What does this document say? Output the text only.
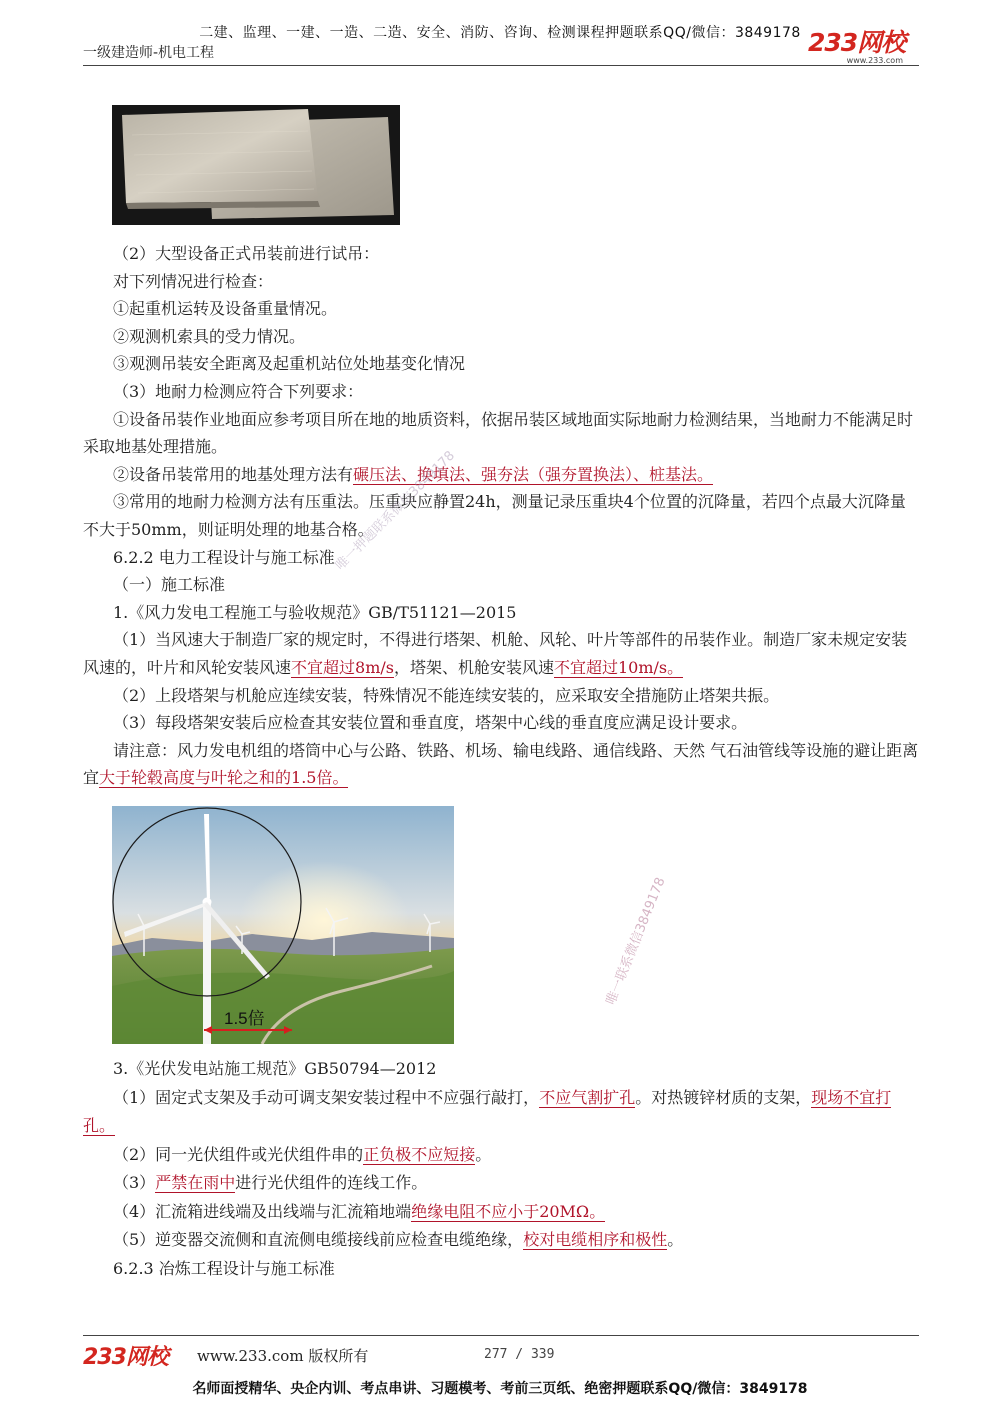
二建、监理、一建、一造、二造、安全、消防、咨询、检测课程押题联系QQ/微信：3849178
一级建造师-机电工程	233网校
www.233.com

（2）大型设备正式吊装前进行试吊：

对下列情况进行检查：

①起重机运转及设备重量情况。

②观测机索具的受力情况。

③观测吊装安全距离及起重机站位处地基变化情况

（3）地耐力检测应符合下列要求：

①设备吊装作业地面应参考项目所在地的地质资料，依据吊装区域地面实际地耐力检测结果，当地耐力不能满足时采取地基处理措施。

②设备吊装常用的地基处理方法有碾压法、换填法、强夯法（强夯置换法）、桩基法。

③常用的地耐力检测方法有压重法。压重块应静置24h，测量记录压重块4个位置的沉降量，若四个点最大沉降量不大于50mm，则证明处理的地基合格。

6.2.2 电力工程设计与施工标准

（一）施工标准

1.《风力发电工程施工与验收规范》GB/T51121—2015

（1）当风速大于制造厂家的规定时，不得进行塔架、机舱、风轮、叶片等部件的吊装作业。制造厂家未规定安装风速的，叶片和风轮安装风速不宜超过8m/s，塔架、机舱安装风速不宜超过10m/s。

（2）上段塔架与机舱应连续安装，特殊情况不能连续安装的，应采取安全措施防止塔架共振。

（3）每段塔架安装后应检查其安装位置和垂直度，塔架中心线的垂直度应满足设计要求。

请注意：风力发电机组的塔筒中心与公路、铁路、机场、输电线路、通信线路、天然 气石油管线等设施的避让距离宜大于轮毂高度与叶轮之和的1.5倍。

1.5倍

3.《光伏发电站施工规范》GB50794—2012

（1）固定式支架及手动可调支架安装过程中不应强行敲打，不应气割扩孔。对热镀锌材质的支架，现场不宜打孔。

（2）同一光伏组件或光伏组件串的正负极不应短接。

（3）严禁在雨中进行光伏组件的连线工作。

（4）汇流箱进线端及出线端与汇流箱地端绝缘电阻不应小于20MΩ。

（5）逆变器交流侧和直流侧电缆接线前应检查电缆绝缘，校对电缆相序和极性。

6.2.3 冶炼工程设计与施工标准

唯一押题联系微信3849178
唯一联系微信3849178
233网校 www.233.com 版权所有	277 / 339
名师面授精华、央企内训、考点串讲、习题模考、考前三页纸、绝密押题联系QQ/微信：3849178
